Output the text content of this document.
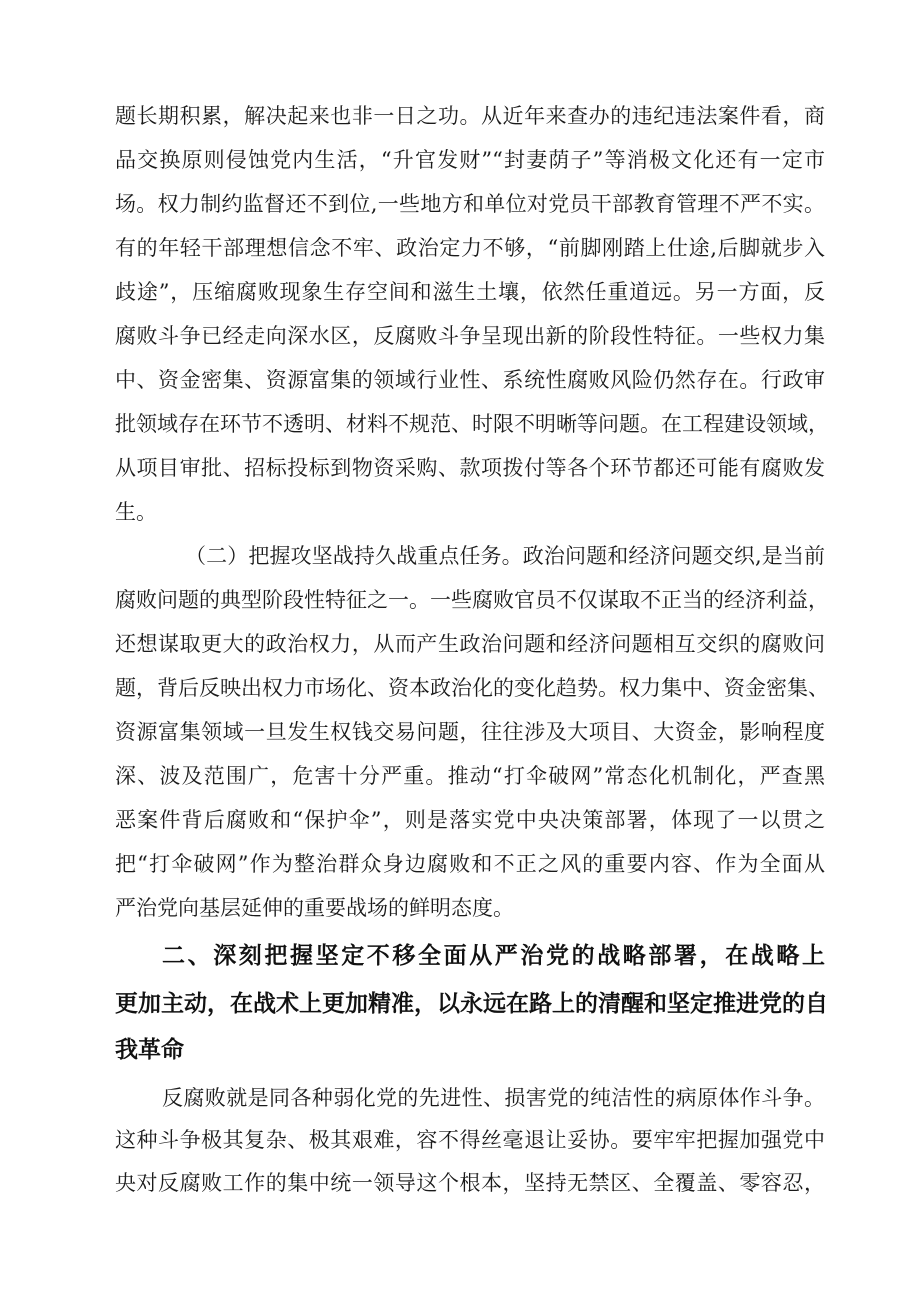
题长期积累，解决起来也非一日之功。从近年来查办的违纪违法案件看，商

品交换原则侵蚀党内生活，“升官发财”“封妻荫子”等消极文化还有一定市

场。权力制约监督还不到位,一些地方和单位对党员干部教育管理不严不实。

有的年轻干部理想信念不牢、政治定力不够，“前脚刚踏上仕途,后脚就步入

歧途”，压缩腐败现象生存空间和滋生土壤，依然任重道远。另一方面，反

腐败斗争已经走向深水区，反腐败斗争呈现出新的阶段性特征。一些权力集

中、资金密集、资源富集的领域行业性、系统性腐败风险仍然存在。行政审

批领域存在环节不透明、材料不规范、时限不明晰等问题。在工程建设领域，

从项目审批、招标投标到物资采购、款项拨付等各个环节都还可能有腐败发

生。

（二）把握攻坚战持久战重点任务。政治问题和经济问题交织,是当前

腐败问题的典型阶段性特征之一。一些腐败官员不仅谋取不正当的经济利益，

还想谋取更大的政治权力，从而产生政治问题和经济问题相互交织的腐败问

题，背后反映出权力市场化、资本政治化的变化趋势。权力集中、资金密集、

资源富集领域一旦发生权钱交易问题，往往涉及大项目、大资金，影响程度

深、波及范围广，危害十分严重。推动“打伞破网”常态化机制化，严查黑

恶案件背后腐败和“保护伞”，则是落实党中央决策部署，体现了一以贯之

把“打伞破网”作为整治群众身边腐败和不正之风的重要内容、作为全面从

严治党向基层延伸的重要战场的鲜明态度。

二、深刻把握坚定不移全面从严治党的战略部署，在战略上

更加主动，在战术上更加精准，以永远在路上的清醒和坚定推进党的自

我革命

反腐败就是同各种弱化党的先进性、损害党的纯洁性的病原体作斗争。

这种斗争极其复杂、极其艰难，容不得丝毫退让妥协。要牢牢把握加强党中

央对反腐败工作的集中统一领导这个根本，坚持无禁区、全覆盖、零容忍，
